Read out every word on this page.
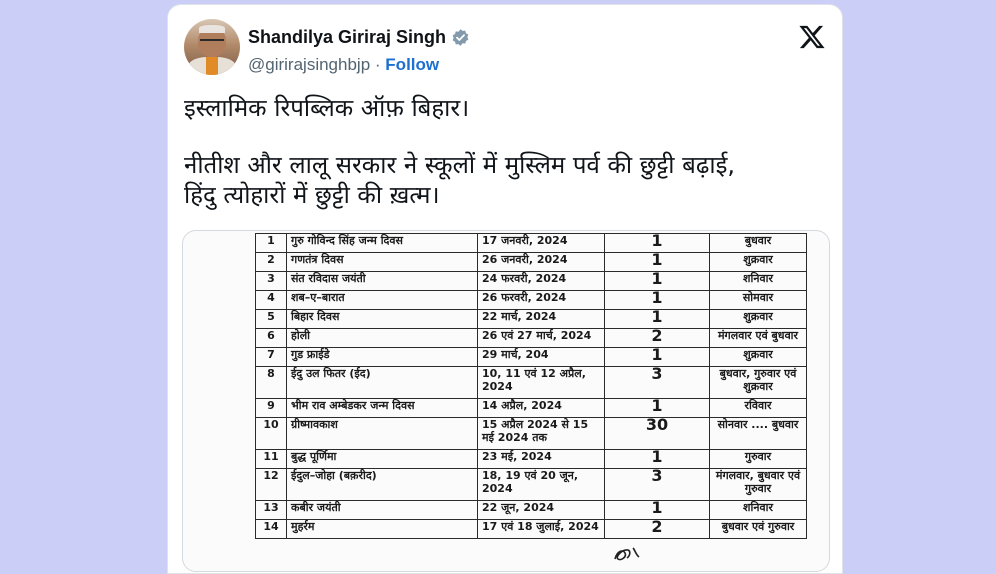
Shandilya Giriraj Singh
@girirajsinghbjp · Follow

इस्लामिक रिपब्लिक ऑफ़ बिहार।

नीतीश और लालू सरकार ने स्कूलों में मुस्लिम पर्व की छुट्टी बढ़ाई,

हिंदु त्योहारों में छुट्टी की ख़त्म।

1	गुरु गोविन्द सिंह जन्म दिवस	17 जनवरी, 2024	1	बुधवार
2	गणतंत्र दिवस	26 जनवरी, 2024	1	शुक्रवार
3	संत रविदास जयंती	24 फरवरी, 2024	1	शनिवार
4	शब–ए–बारात	26 फरवरी, 2024	1	सोमवार
5	बिहार दिवस	22 मार्च, 2024	1	शुक्रवार
6	होली	26 एवं 27 मार्च, 2024	2	मंगलवार एवं बुधवार
7	गुड फ्राईडे	29 मार्च, 204	1	शुक्रवार
8	ईदु उल फितर (ईद)	10, 11 एवं 12 अप्रैल, 2024	3	बुधवार, गुरुवार एवं शुक्रवार
9	भीम राव अम्बेडकर जन्म दिवस	14 अप्रैल, 2024	1	रविवार
10	ग्रीष्मावकाश	15 अप्रैल 2024 से 15 मई 2024 तक	30	सोनवार .... बुधवार
11	बुद्ध पूर्णिमा	23 मई, 2024	1	गुरुवार
12	ईदुल–जोहा (बक़रीद)	18, 19 एवं 20 जून, 2024	3	मंगलवार, बुधवार एवं गुरुवार
13	कबीर जयंती	22 जून, 2024	1	शनिवार
14	मुहर्रम	17 एवं 18 जुलाई, 2024	2	बुधवार एवं गुरुवार
